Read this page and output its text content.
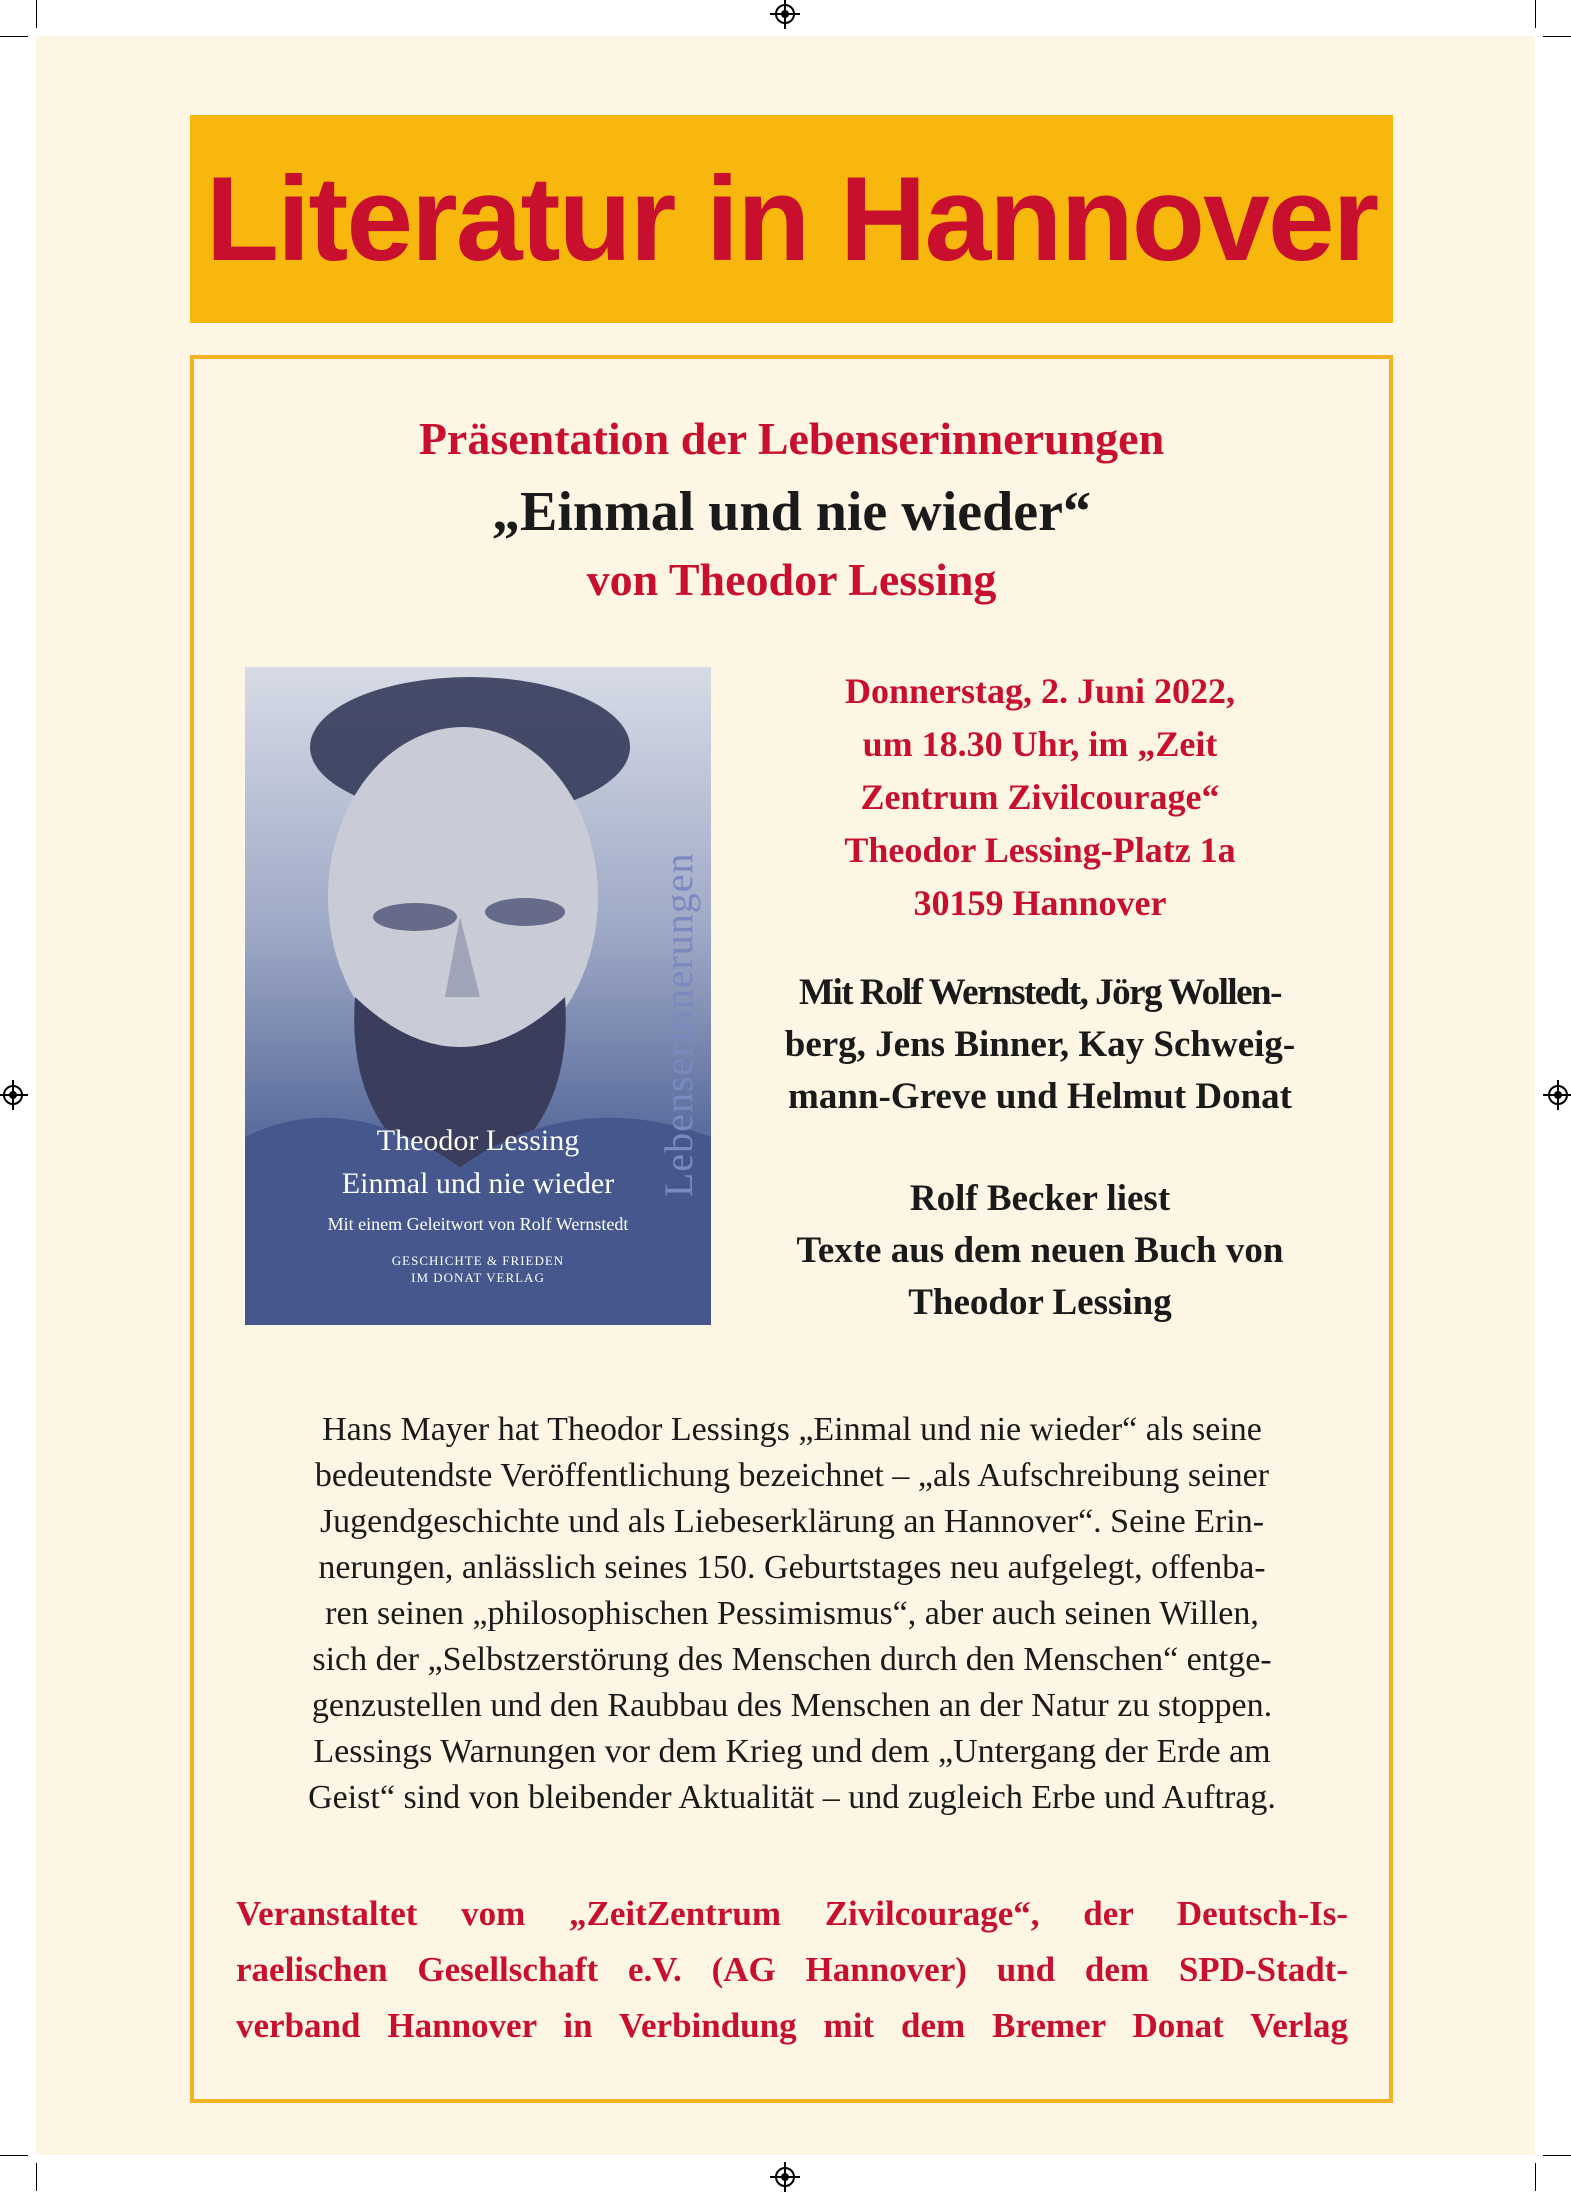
Literatur in Hannover
Präsentation der Lebenserinnerungen
„Einmal und nie wieder“
von Theodor Lessing
Lebenserinnerungen
Theodor Lessing
Einmal und nie wieder
Mit einem Geleitwort von Rolf Wernstedt
GESCHICHTE & FRIEDEN
IM DONAT VERLAG
Donnerstag, 2. Juni 2022,
um 18.30 Uhr, im „Zeit
Zentrum Zivilcourage“
Theodor Lessing-Platz 1a
30159 Hannover
Mit Rolf Wernstedt, Jörg Wollen-
berg, Jens Binner, Kay Schweig-
mann-Greve und Helmut Donat
Rolf Becker liest
Texte aus dem neuen Buch von
Theodor Lessing
Hans Mayer hat Theodor Lessings „Einmal und nie wieder“ als seine
bedeutendste Veröffentlichung bezeichnet – „als Aufschreibung seiner
Jugendgeschichte und als Liebeserklärung an Hannover“. Seine Erin-
nerungen, anlässlich seines 150. Geburtstages neu aufgelegt, offenba-
ren seinen „philosophischen Pessimismus“, aber auch seinen Willen,
sich der „Selbstzerstörung des Menschen durch den Menschen“ entge-
genzustellen und den Raubbau des Menschen an der Natur zu stoppen.
Lessings Warnungen vor dem Krieg und dem „Untergang der Erde am
Geist“ sind von bleibender Aktualität – und zugleich Erbe und Auftrag.
Veranstaltet vom „ZeitZentrum Zivilcourage“, der Deutsch-Is-
raelischen Gesellschaft e.V. (AG Hannover) und dem SPD-Stadt-
verband Hannover in Verbindung mit dem Bremer Donat Verlag
